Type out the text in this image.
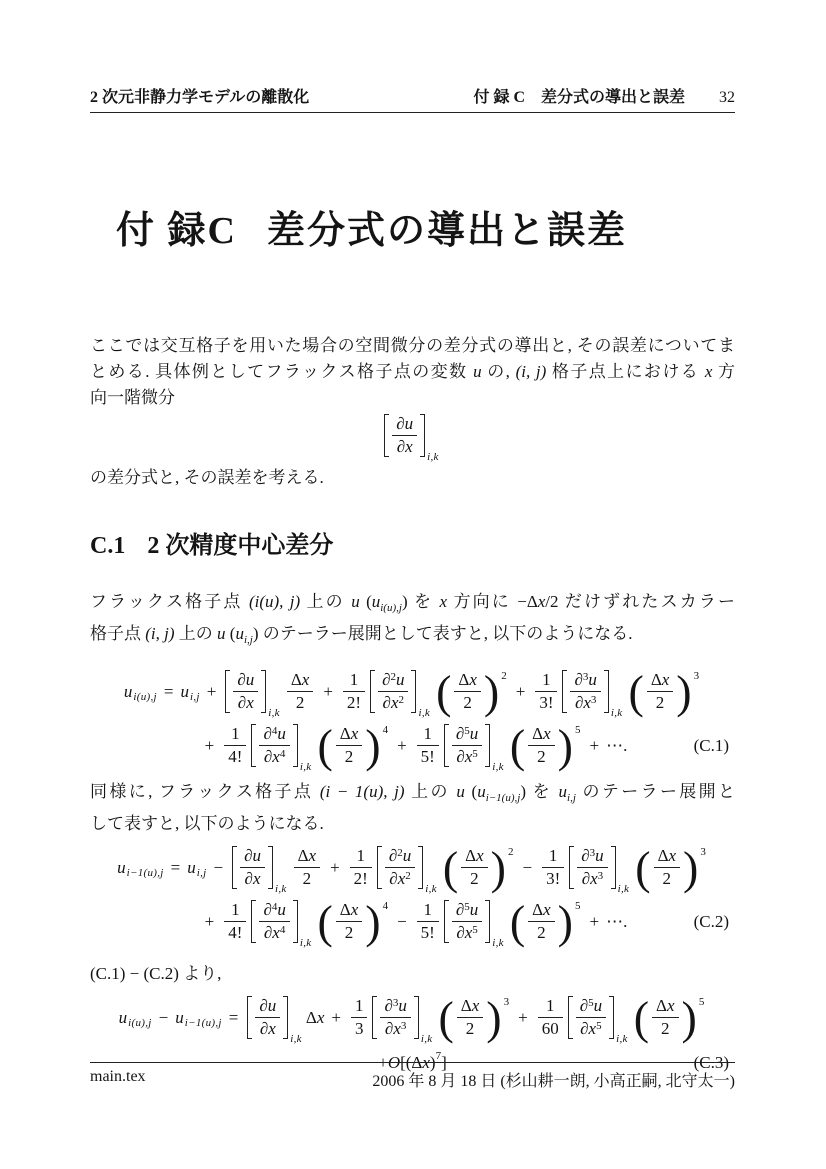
2 次元非静力学モデルの離散化	付 録 C　差分式の導出と誤差 32
付 録C 差分式の導出と誤差
ここでは交互格子を用いた場合の空間微分の差分式の導出と, その誤差についてま
とめる. 具体例としてフラックス格子点の変数 u の, (i, j) 格子点上における x 方
向一階微分
∂u
∂x
i,k
の差分式と, その誤差を考える.
C.1 2 次精度中心差分
フラックス格子点 (i(u), j) 上の u $(u_{i(u),j})$ を x 方向に −Δx/2 だけずれたスカラー
格子点 (i, j) 上の u $(u_{i,j})$ のテーラー展開として表すと, 以下のようになる.
u i(u),j = u i,j +
∂u
∂x
i,k
Δx
2
+ $\frac{1}{2!} \partial^2u$
$\partial x^2$
i,k ( Δx
2 ) 2
+ $\frac{1}{3!} \partial^3u$
$\partial x^3$
i,k ( Δx
2 ) 3
+ $\frac{1}{4!} \partial^4u$
$\partial x^4$
i,k ( Δx
2 ) 4
+ $\frac{1}{5!} \partial^5u$
$\partial x^5$
i,k ( Δx
2 ) 5
+ ⋯.	(C.1)
同様に, フラックス格子点 (i − 1(u), j) 上の u $(u_{i-1(u),j})$ を $u_{i,j}$ のテーラー展開と
して表すと, 以下のようになる.
u i−1(u),j = u i,j −
∂u
∂x
i,k
Δx
2
+ $\frac{1}{2!} \partial^2u$
$\partial x^2$
i,k ( Δx
2 ) 2
− $\frac{1}{3!} \partial^3u$
$\partial x^3$
i,k ( Δx
2 ) 3
+ $\frac{1}{4!} \partial^4u$
$\partial x^4$
i,k ( Δx
2 ) 4
− $\frac{1}{5!} \partial^5u$
$\partial x^5$
i,k ( Δx
2 ) 5
+ ⋯.	(C.2)
(C.1) − (C.2) より,
u i(u),j − u i−1(u),j =
∂u
∂x
i,k
Δ $x + \frac{1}{3} \partial^3u$
$\partial x^3$
i,k ( Δx
2 ) 3
+ $\frac{1}{60} \partial^5u$
$\partial x^5$
i,k ( Δx
2 ) 5
+ O [(Δ x ) 7 ]	(C.3)
main.tex	2006 年 8 月 18 日 (杉山耕一朗, 小高正嗣, 北守太一)
